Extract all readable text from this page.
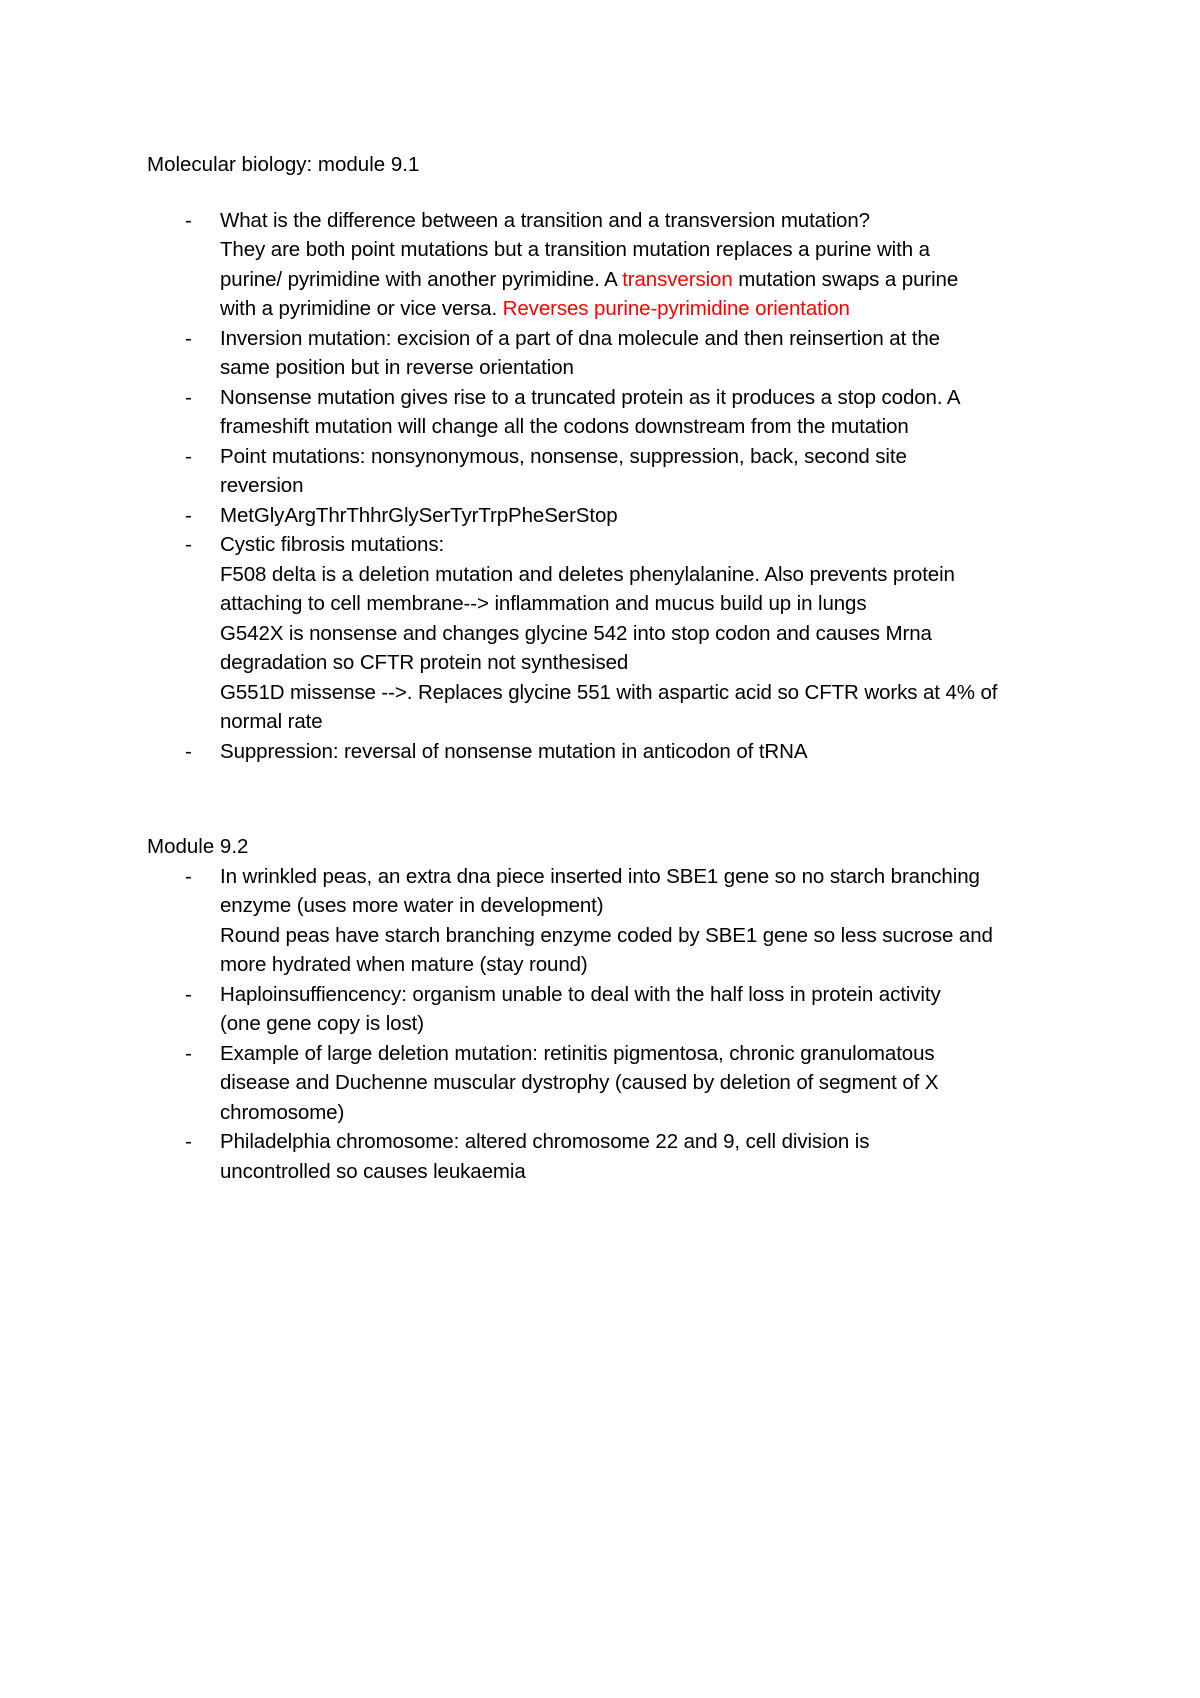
Molecular biology: module 9.1

- What is the difference between a transition and a transversion mutation?
They are both point mutations but a transition mutation replaces a purine with a
purine/ pyrimidine with another pyrimidine. A transversion mutation swaps a purine
with a pyrimidine or vice versa. Reverses purine-pyrimidine orientation
- Inversion mutation: excision of a part of dna molecule and then reinsertion at the
same position but in reverse orientation
- Nonsense mutation gives rise to a truncated protein as it produces a stop codon. A
frameshift mutation will change all the codons downstream from the mutation
- Point mutations: nonsynonymous, nonsense, suppression, back, second site
reversion
- MetGlyArgThrThhrGlySerTyrTrpPheSerStop
- Cystic fibrosis mutations:
F508 delta is a deletion mutation and deletes phenylalanine. Also prevents protein
attaching to cell membrane--> inflammation and mucus build up in lungs
G542X is nonsense and changes glycine 542 into stop codon and causes Mrna
degradation so CFTR protein not synthesised
G551D missense -->. Replaces glycine 551 with aspartic acid so CFTR works at 4% of
normal rate
- Suppression: reversal of nonsense mutation in anticodon of tRNA

Module 9.2

- In wrinkled peas, an extra dna piece inserted into SBE1 gene so no starch branching
enzyme (uses more water in development)
Round peas have starch branching enzyme coded by SBE1 gene so less sucrose and
more hydrated when mature (stay round)
- Haploinsuffiencency: organism unable to deal with the half loss in protein activity
(one gene copy is lost)
- Example of large deletion mutation: retinitis pigmentosa, chronic granulomatous
disease and Duchenne muscular dystrophy (caused by deletion of segment of X
chromosome)
- Philadelphia chromosome: altered chromosome 22 and 9, cell division is
uncontrolled so causes leukaemia
